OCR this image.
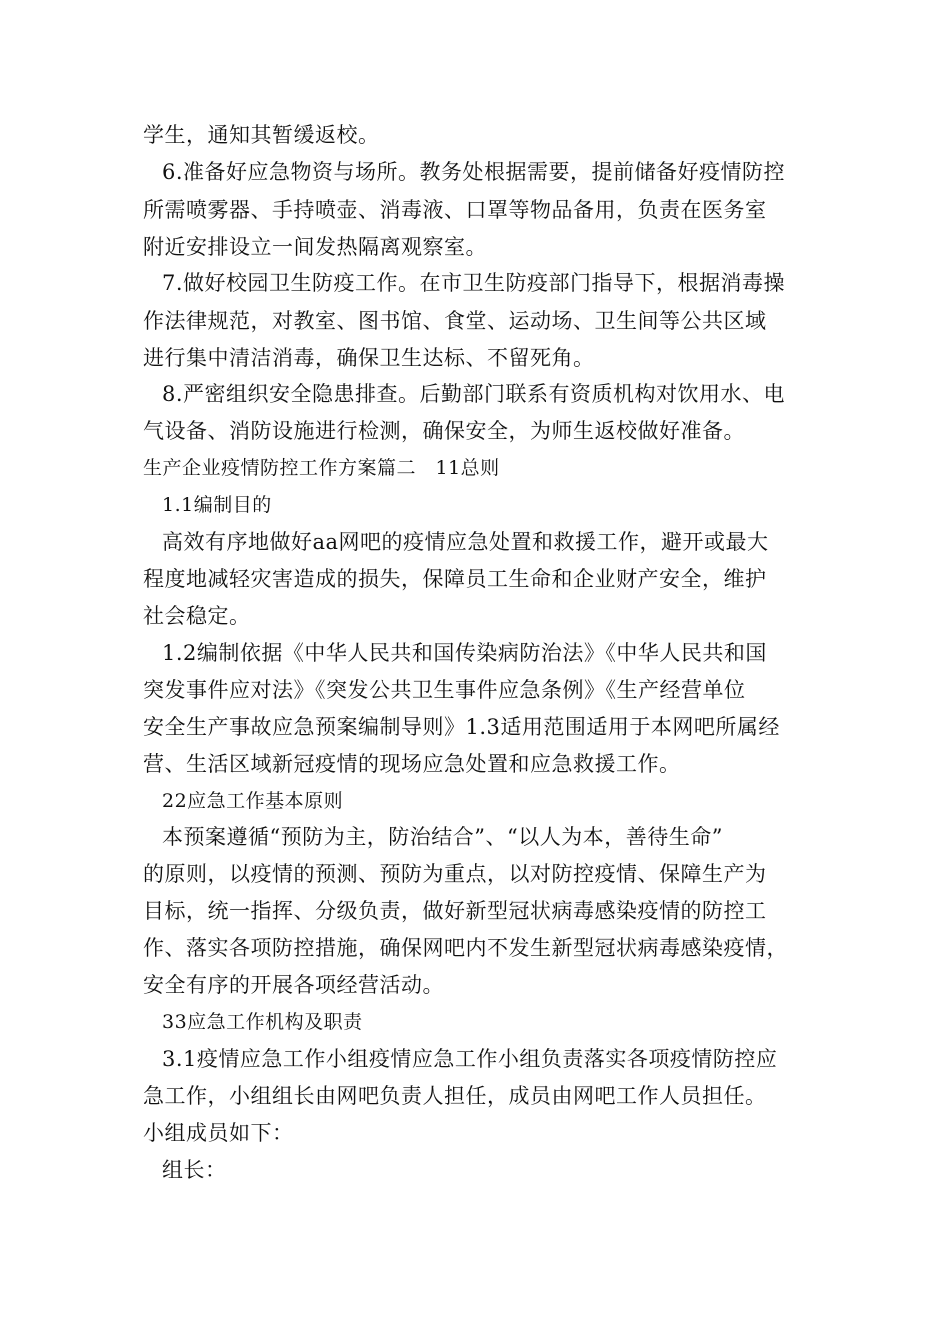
学生，通知其暂缓返校。

6.准备好应急物资与场所。教务处根据需要，提前储备好疫情防控

所需喷雾器、手持喷壶、消毒液、口罩等物品备用，负责在医务室

附近安排设立一间发热隔离观察室。

7.做好校园卫生防疫工作。在市卫生防疫部门指导下，根据消毒操

作法律规范，对教室、图书馆、食堂、运动场、卫生间等公共区域

进行集中清洁消毒，确保卫生达标、不留死角。

8.严密组织安全隐患排查。后勤部门联系有资质机构对饮用水、电

气设备、消防设施进行检测，确保安全，为师生返校做好准备。

生产企业疫情防控工作方案篇二　11总则

1.1编制目的

高效有序地做好aa网吧的疫情应急处置和救援工作，避开或最大

程度地减轻灾害造成的损失，保障员工生命和企业财产安全，维护

社会稳定。

1.2编制依据《中华人民共和国传染病防治法》《中华人民共和国

突发事件应对法》《突发公共卫生事件应急条例》《生产经营单位

安全生产事故应急预案编制导则》1.3适用范围适用于本网吧所属经

营、生活区域新冠疫情的现场应急处置和应急救援工作。

22应急工作基本原则

本预案遵循“预防为主，防治结合”、“以人为本，善待生命”

的原则，以疫情的预测、预防为重点，以对防控疫情、保障生产为

目标，统一指挥、分级负责，做好新型冠状病毒感染疫情的防控工

作、落实各项防控措施，确保网吧内不发生新型冠状病毒感染疫情，

安全有序的开展各项经营活动。

33应急工作机构及职责

3.1疫情应急工作小组疫情应急工作小组负责落实各项疫情防控应

急工作，小组组长由网吧负责人担任，成员由网吧工作人员担任。

小组成员如下：

组长：
